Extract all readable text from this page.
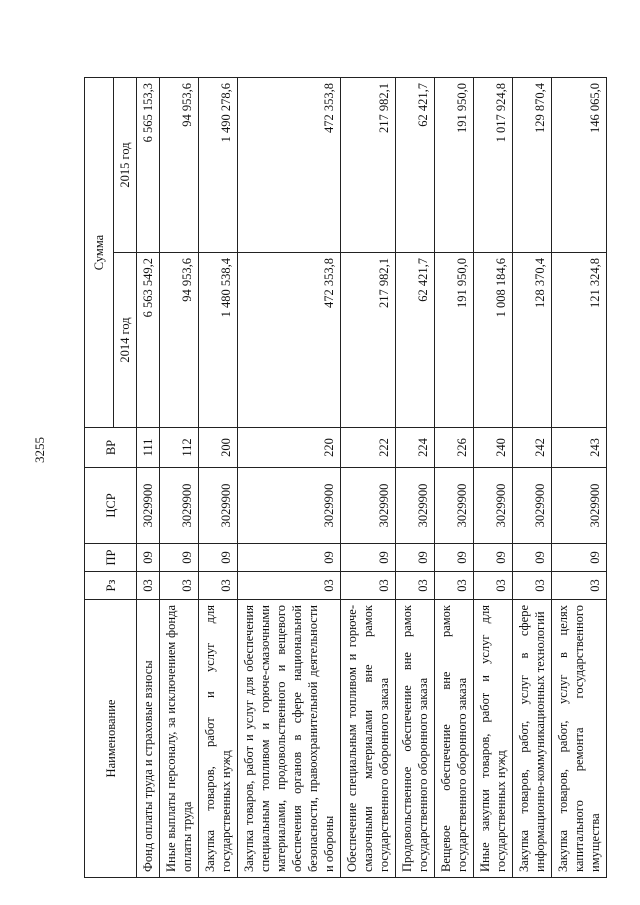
3255
Наименование	Рз	ПР	ЦСР	ВР	Сумма	
					2014 год	2015 год
Фонд оплаты труда и страховые взносы	03	09	3029900	111	6 563 549,2	6 565 153,3
Иные выплаты персоналу, за исключением фонда оплаты труда	03	09	3029900	112	94 953,6	94 953,6
Закупка товаров, работ и услуг для государственных нужд	03	09	3029900	200	1 480 538,4	1 490 278,6
Закупка товаров, работ и услуг для обеспечения специальным топливом и горюче-смазочными материалами, продовольственного и вещевого обеспечения органов в сфере национальной безопасности, правоохранительной деятельности и обороны	03	09	3029900	220	472 353,8	472 353,8
Обеспечение специальным топливом и горюче-смазочными материалами вне рамок государственного оборонного заказа	03	09	3029900	222	217 982,1	217 982,1
Продовольственное обеспечение вне рамок государственного оборонного заказа	03	09	3029900	224	62 421,7	62 421,7
Вещевое обеспечение вне рамок государственного оборонного заказа	03	09	3029900	226	191 950,0	191 950,0
Иные закупки товаров, работ и услуг для государственных нужд	03	09	3029900	240	1 008 184,6	1 017 924,8
Закупка товаров, работ, услуг в сфере информационно-коммуникационных технологий	03	09	3029900	242	128 370,4	129 870,4
Закупка товаров, работ, услуг в целях капитального ремонта государственного имущества	03	09	3029900	243	121 324,8	146 065,0
